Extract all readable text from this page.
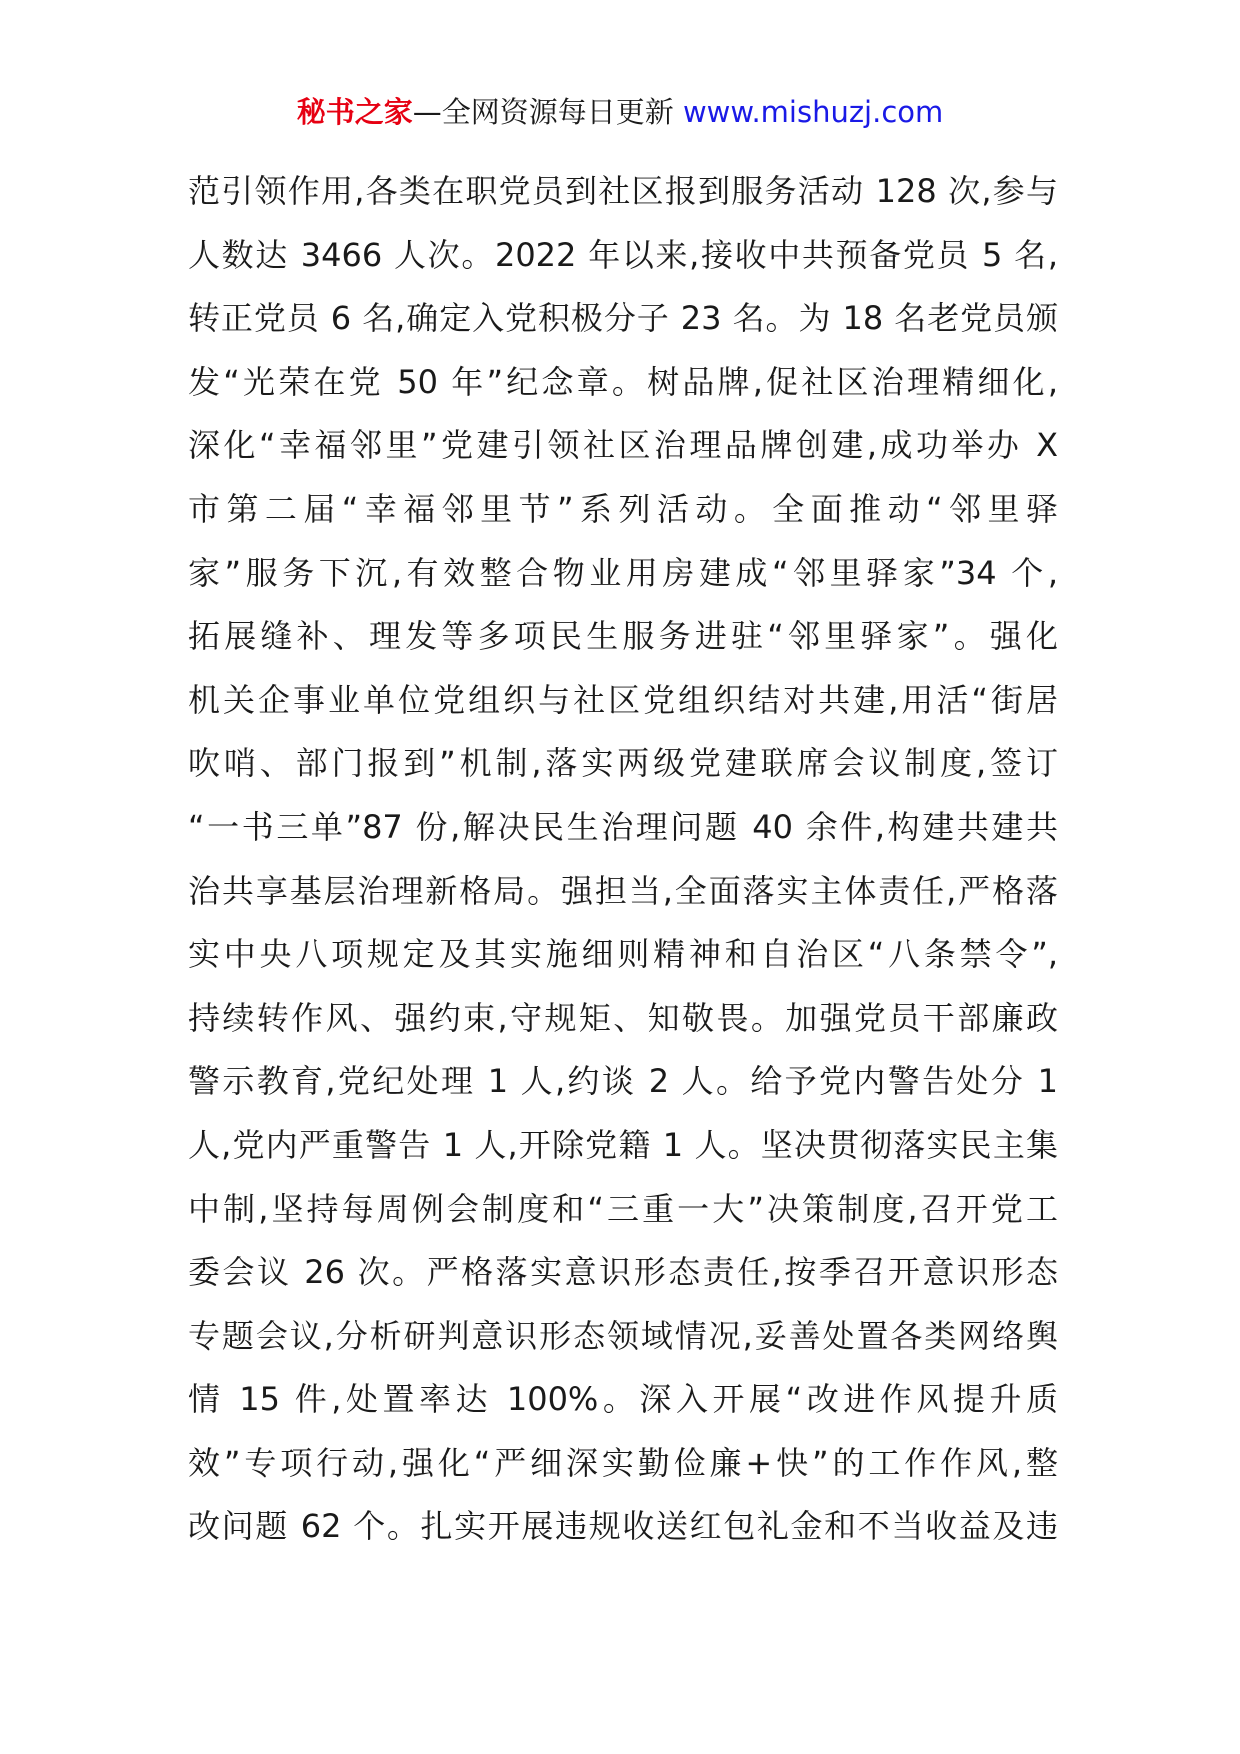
秘书之家—全网资源每日更新 www.mishuzj.com
范引领作用,各类在职党员到社区报到服务活动 128 次,参与
人数达 3466 人次。2022 年以来,接收中共预备党员 5 名,
转正党员 6 名,确定入党积极分子 23 名。为 18 名老党员颁
发“光荣在党 50 年”纪念章。树品牌,促社区治理精细化,
深化“幸福邻里”党建引领社区治理品牌创建,成功举办 X
市第二届“幸福邻里节”系列活动。全面推动“邻里驿
家”服务下沉,有效整合物业用房建成“邻里驿家”34 个,
拓展缝补、理发等多项民生服务进驻“邻里驿家”。强化
机关企事业单位党组织与社区党组织结对共建,用活“街居
吹哨、部门报到”机制,落实两级党建联席会议制度,签订
“一书三单”87 份,解决民生治理问题 40 余件,构建共建共
治共享基层治理新格局。强担当,全面落实主体责任,严格落
实中央八项规定及其实施细则精神和自治区“八条禁令”,
持续转作风、强约束,守规矩、知敬畏。加强党员干部廉政
警示教育,党纪处理 1 人,约谈 2 人。给予党内警告处分 1
人,党内严重警告 1 人,开除党籍 1 人。坚决贯彻落实民主集
中制,坚持每周例会制度和“三重一大”决策制度,召开党工
委会议 26 次。严格落实意识形态责任,按季召开意识形态
专题会议,分析研判意识形态领域情况,妥善处置各类网络舆
情 15 件,处置率达 100%。深入开展“改进作风提升质
效”专项行动,强化“严细深实勤俭廉+快”的工作作风,整
改问题 62 个。扎实开展违规收送红包礼金和不当收益及违
